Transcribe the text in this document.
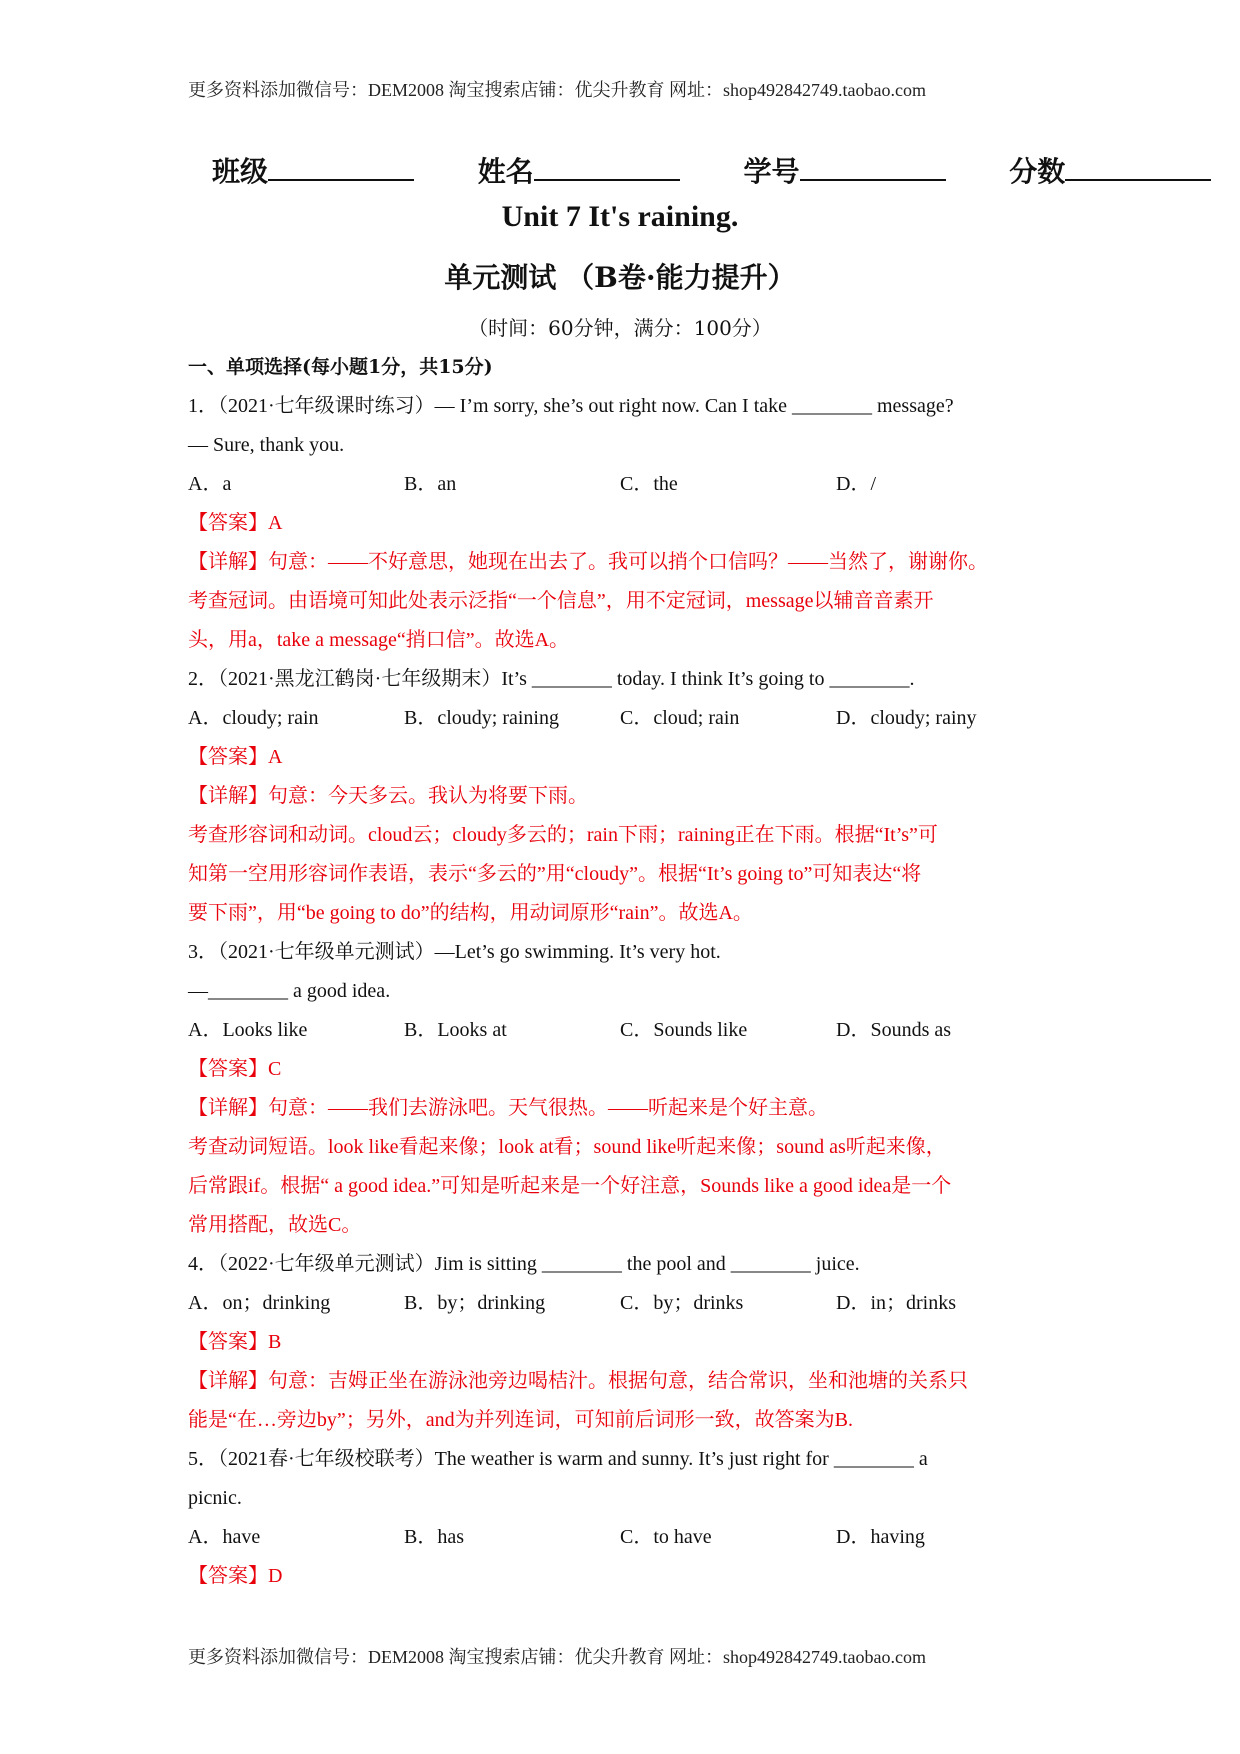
更多资料添加微信号：DEM2008 淘宝搜索店铺：优尖升教育 网址：shop492842749.taobao.com
班级	姓名	学号	分数
Unit 7 It's raining.
单元测试 （B卷·能力提升）
（时间：60分钟，满分：100分）

一、单项选择(每小题1分，共15分)

1．（2021·七年级课时练习）— I’m sorry, she’s out right now. Can I take ________ message?

— Sure, thank you.

A．a	B．an	C．the	D．/

【答案】A

【详解】句意：——不好意思，她现在出去了。我可以捎个口信吗？——当然了，谢谢你。

考查冠词。由语境可知此处表示泛指“一个信息”，用不定冠词，message以辅音音素开

头，用a，take a message“捎口信”。故选A。

2．（2021·黑龙江鹤岗·七年级期末）It’s ________ today. I think It’s going to ________.

A．cloudy; rain	B．cloudy; raining	C．cloud; rain	D．cloudy; rainy

【答案】A

【详解】句意：今天多云。我认为将要下雨。

考查形容词和动词。cloud云；cloudy多云的；rain下雨；raining正在下雨。根据“It’s”可

知第一空用形容词作表语，表示“多云的”用“cloudy”。根据“It’s going to”可知表达“将

要下雨”，用“be going to do”的结构，用动词原形“rain”。故选A。

3．（2021·七年级单元测试）—Let’s go swimming. It’s very hot.

—________ a good idea.

A．Looks like	B．Looks at	C．Sounds like	D．Sounds as

【答案】C

【详解】句意：——我们去游泳吧。天气很热。——听起来是个好主意。

考查动词短语。look like看起来像；look at看；sound like听起来像；sound as听起来像，

后常跟if。根据“ a good idea.”可知是听起来是一个好注意，Sounds like a good idea是一个

常用搭配，故选C。

4．（2022·七年级单元测试）Jim is sitting ________ the pool and ________ juice.

A．on；drinking	B．by；drinking	C．by；drinks	D．in；drinks

【答案】B

【详解】句意：吉姆正坐在游泳池旁边喝桔汁。根据句意，结合常识，坐和池塘的关系只

能是“在…旁边by”；另外，and为并列连词，可知前后词形一致，故答案为B.

5．（2021春·七年级校联考）The weather is warm and sunny. It’s just right for ________ a

picnic.

A．have	B．has	C．to have	D．having

【答案】D

更多资料添加微信号：DEM2008 淘宝搜索店铺：优尖升教育 网址：shop492842749.taobao.com
